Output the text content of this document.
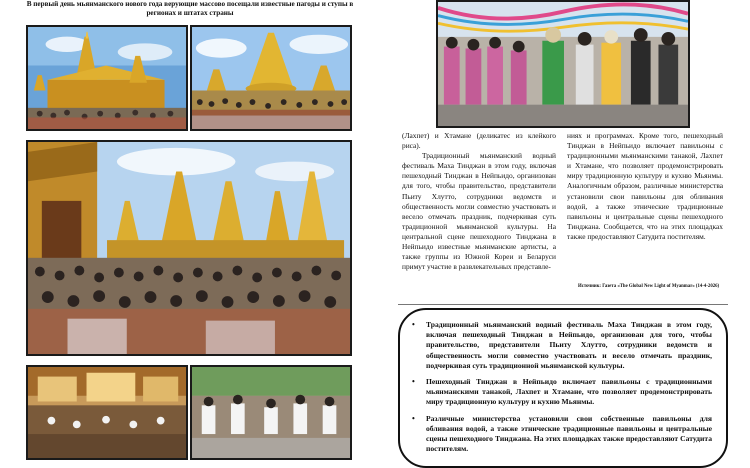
В первый день мьянманского нового года верующие массово посещали известные пагоды и ступы в регионах и штатах страны

(Лахпет) и Хтамане (деликатес из клейкого риса).

Традиционный мьянманский водный фестиваль Маха Тинджан в этом году, включая пешеходный Тинджан в Нейпьидо, организован для того, чтобы правительство, представители Пьиту Хлутто, сотрудники ведомств и общественность могли совместно участвовать и весело отмечать праздник, подчеркивая суть традиционной мьянманской культуры. На центральной сцене пешеходного Тинджана в Нейпьидо известные мьянманские артисты, а также группы из Южной Кореи и Беларуси примут участие в развлекательных представле-

ниях и программах. Кроме того, пешеходный Тинджан в Нейпьидо включает павильоны с традиционными мьянманскими танакой, Лахпет и Хтамане, что позволяет продемонстрировать миру традиционную культуру и кухню Мьянмы. Аналогичным образом, различные министерства установили свои павильоны для обливания водой, а также этнические традиционные павильоны и центральные сцены пешеходного Тинджана. Сообщается, что на этих площадках также предоставляют Сатудита постителям.

Источник: Газета «The Global New Light of Myanmar» (14-4-2026)
• Традиционный мьянманский водный фестиваль Маха Тинджан в этом году, включая пешеходный Тинджан в Нейпьидо, организован для того, чтобы правительство, представители Пьиту Хлутто, сотрудники ведомств и общественность могли совместно участвовать и весело отмечать праздник, подчеркивая суть традиционной мьянманской культуры.
• Пешеходный Тинджан в Нейпьидо включает павильоны с традиционными мьянманскими танакой, Лахпет и Хтамане, что позволяет продемонстрировать миру традиционную культуру и кухню Мьянмы.
• Различные министерства установили свои собственные павильоны для обливания водой, а также этнические традиционные павильоны и центральные сцены пешеходного Тинджана. На этих площадках также предоставляют Сатудита постителям.
